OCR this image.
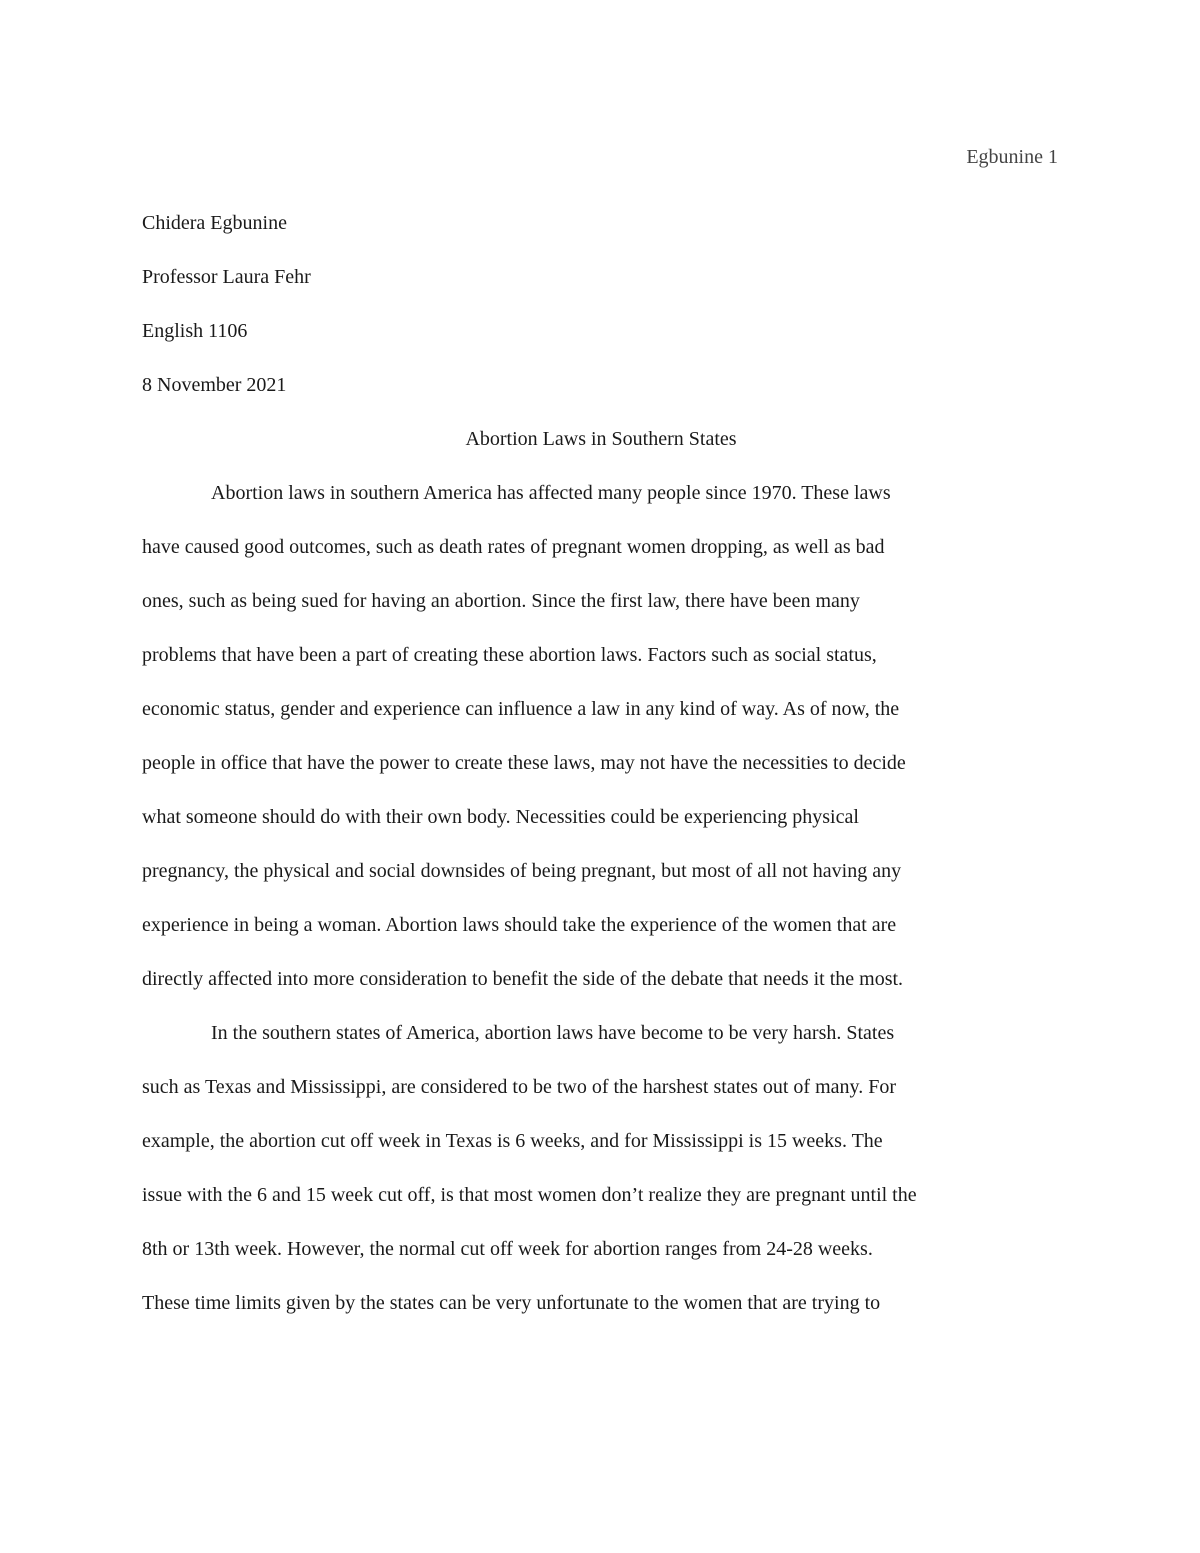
Egbunine 1

Chidera Egbunine

Professor Laura Fehr

English 1106

8 November 2021

Abortion Laws in Southern States

Abortion laws in southern America has affected many people since 1970. These laws
have caused good outcomes, such as death rates of pregnant women dropping, as well as bad
ones, such as being sued for having an abortion. Since the first law, there have been many
problems that have been a part of creating these abortion laws. Factors such as social status,
economic status, gender and experience can influence a law in any kind of way. As of now, the
people in office that have the power to create these laws, may not have the necessities to decide
what someone should do with their own body. Necessities could be experiencing physical
pregnancy, the physical and social downsides of being pregnant, but most of all not having any
experience in being a woman. Abortion laws should take the experience of the women that are
directly affected into more consideration to benefit the side of the debate that needs it the most.

In the southern states of America, abortion laws have become to be very harsh. States
such as Texas and Mississippi, are considered to be two of the harshest states out of many. For
example, the abortion cut off week in Texas is 6 weeks, and for Mississippi is 15 weeks. The
issue with the 6 and 15 week cut off, is that most women don’t realize they are pregnant until the
8th or 13th week. However, the normal cut off week for abortion ranges from 24-28 weeks.
These time limits given by the states can be very unfortunate to the women that are trying to
